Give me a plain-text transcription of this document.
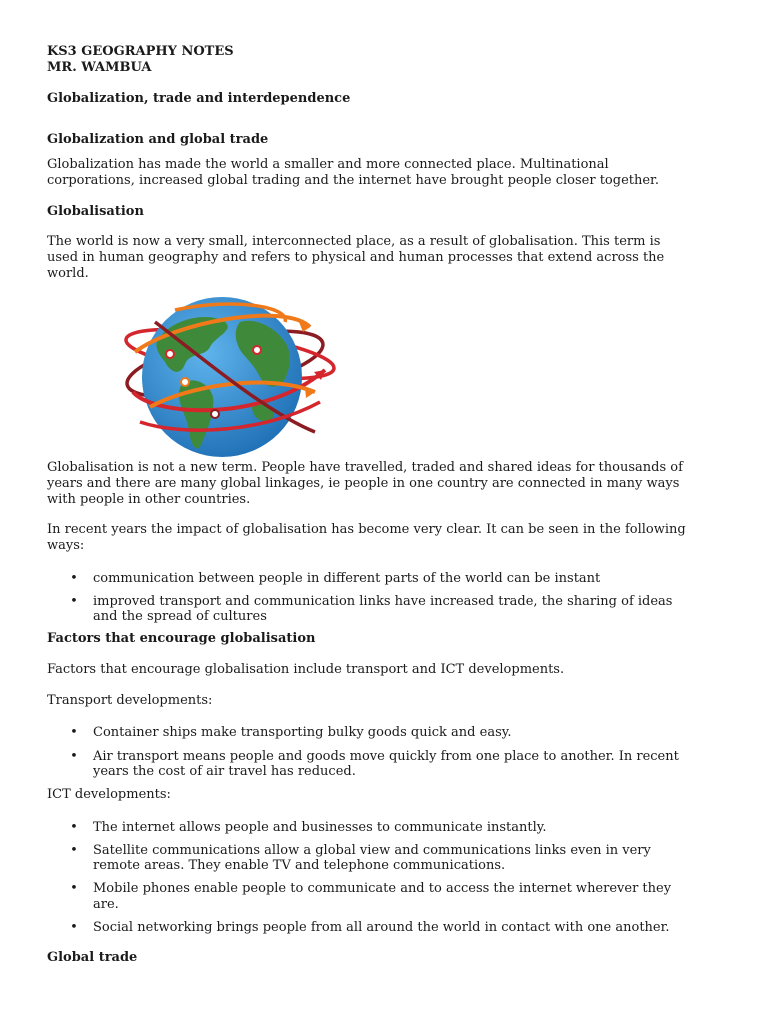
KS3 GEOGRAPHY NOTES
MR. WAMBUA
Globalization, trade and interdependence
Globalization and global trade
Globalization has made the world a smaller and more connected place. Multinational
corporations, increased global trading and the internet have brought people closer together.
Globalisation
The world is now a very small, interconnected place, as a result of globalisation. This term is
used in human geography and refers to physical and human processes that extend across the
world.
Globalisation is not a new term. People have travelled, traded and shared ideas for thousands of
years and there are many global linkages, ie people in one country are connected in many ways
with people in other countries.
In recent years the impact of globalisation has become very clear. It can be seen in the following
ways:
• communication between people in different parts of the world can be instant
• improved transport and communication links have increased trade, the sharing of ideas
and the spread of cultures
Factors that encourage globalisation
Factors that encourage globalisation include transport and ICT developments.
Transport developments:
• Container ships make transporting bulky goods quick and easy.
• Air transport means people and goods move quickly from one place to another. In recent
years the cost of air travel has reduced.
ICT developments:
• The internet allows people and businesses to communicate instantly.
• Satellite communications allow a global view and communications links even in very
remote areas. They enable TV and telephone communications.
• Mobile phones enable people to communicate and to access the internet wherever they
are.
• Social networking brings people from all around the world in contact with one another.
Global trade
